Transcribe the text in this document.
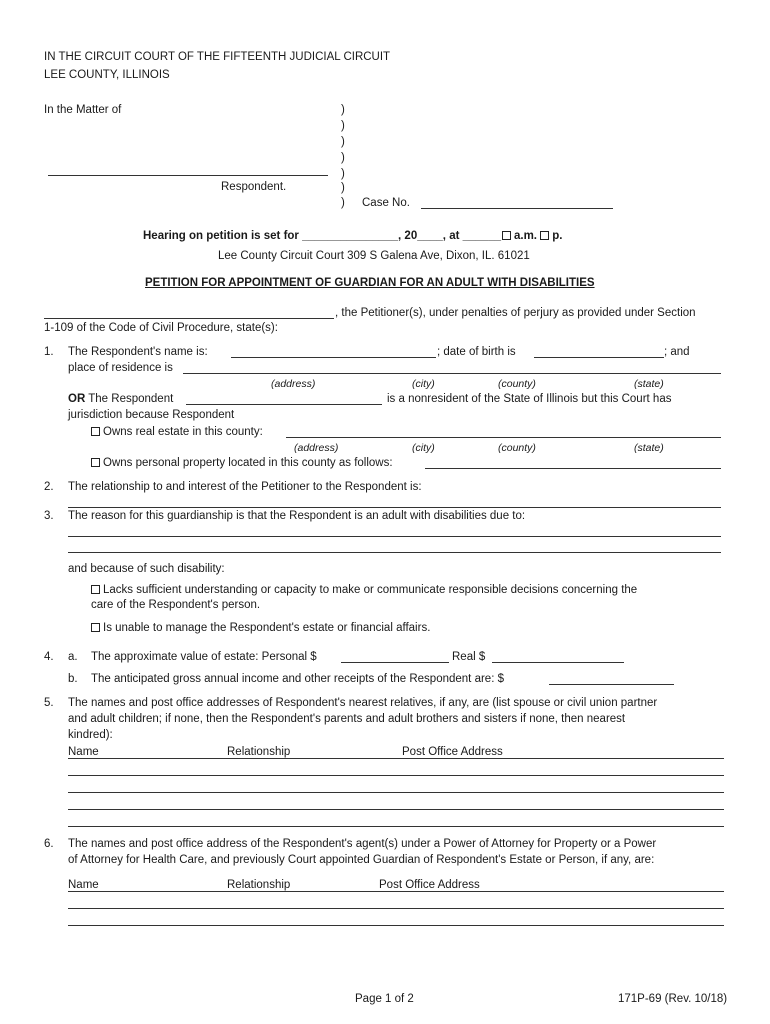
IN THE CIRCUIT COURT OF THE FIFTEENTH JUDICIAL CIRCUIT
LEE COUNTY, ILLINOIS
In the Matter of	)
)
)
)
)
)
)
Respondent.
Case No.
Hearing on petition is set for _______________, 20____, at ______ a.m. p.
Lee County Circuit Court 309 S Galena Ave, Dixon, IL. 61021
PETITION FOR APPOINTMENT OF GUARDIAN FOR AN ADULT WITH DISABILITIES
, the Petitioner(s), under penalties of perjury as provided under Section
1-109 of the Code of Civil Procedure, state(s):
1. The Respondent's name is:	; date of birth is	; and
place of residence is
(address)	(city)	(county)	(state)
OR The Respondent	is a nonresident of the State of Illinois but this Court has
jurisdiction because Respondent
Owns real estate in this county:
(address)	(city)	(county)	(state)
Owns personal property located in this county as follows:
2. The relationship to and interest of the Petitioner to the Respondent is:
3. The reason for this guardianship is that the Respondent is an adult with disabilities due to:
and because of such disability:
Lacks sufficient understanding or capacity to make or communicate responsible decisions concerning the
care of the Respondent's person.
Is unable to manage the Respondent's estate or financial affairs.
4. a. The approximate value of estate: Personal $	Real $
b. The anticipated gross annual income and other receipts of the Respondent are: $
5. The names and post office addresses of Respondent's nearest relatives, if any, are (list spouse or civil union partner
and adult children; if none, then the Respondent's parents and adult brothers and sisters if none, then nearest
kindred):
Name	Relationship	Post Office Address
6. The names and post office address of the Respondent's agent(s) under a Power of Attorney for Property or a Power
of Attorney for Health Care, and previously Court appointed Guardian of Respondent's Estate or Person, if any, are:
Name	Relationship	Post Office Address
Page 1 of 2	171P-69 (Rev. 10/18)
